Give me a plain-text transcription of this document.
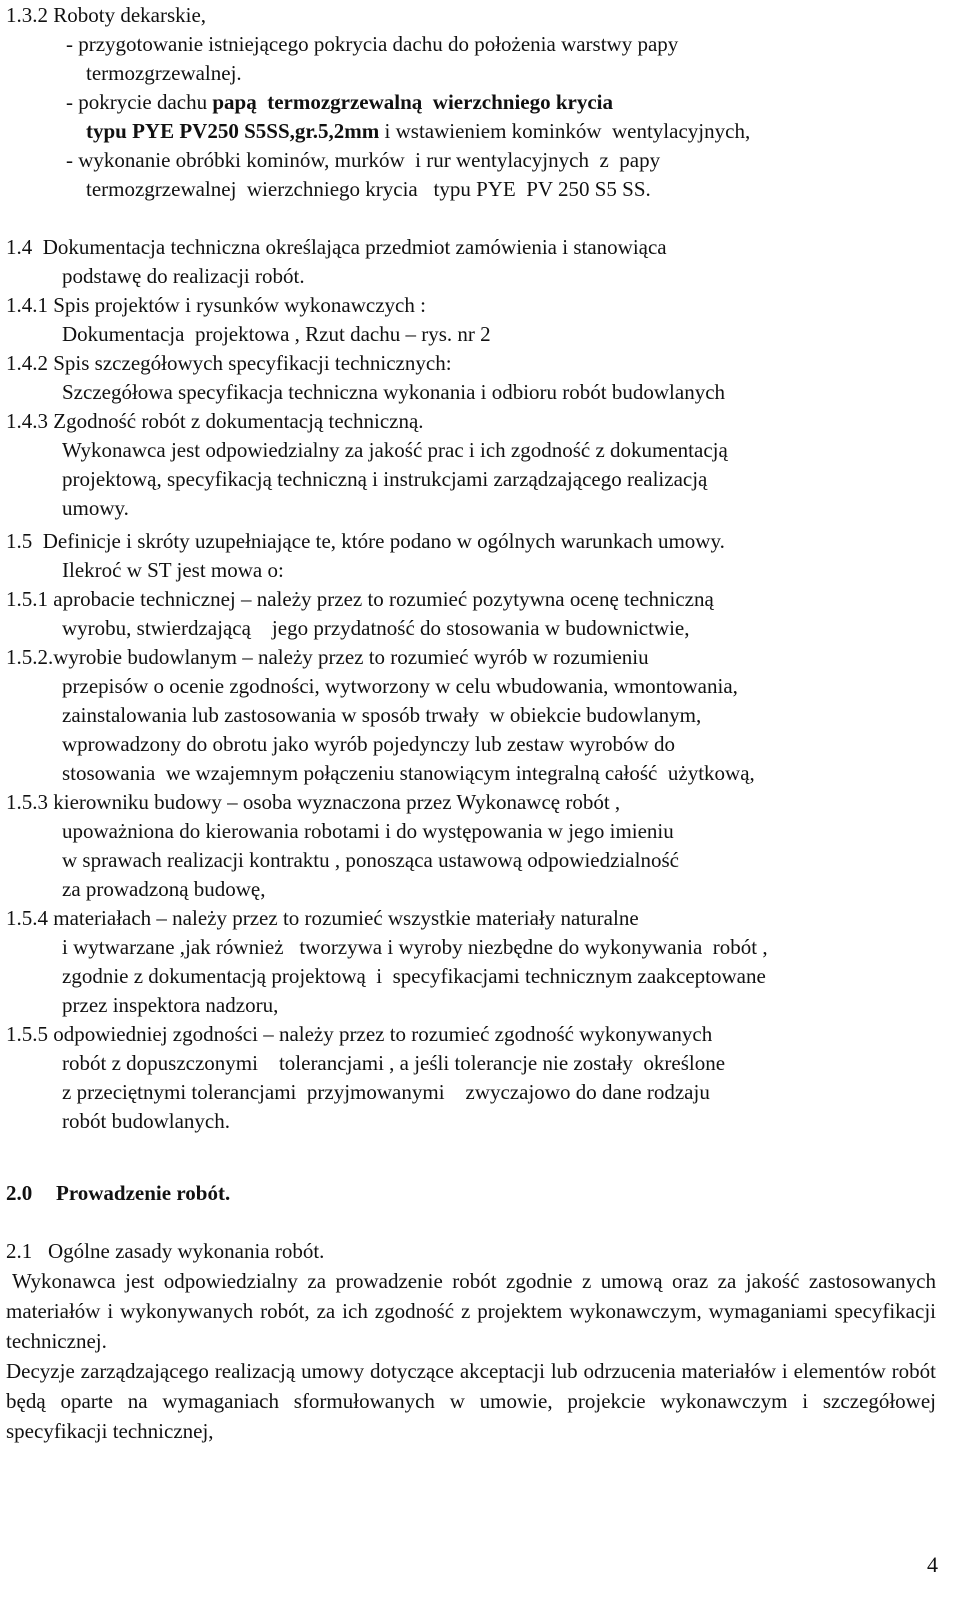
1.3.2 Roboty dekarskie,
- przygotowanie istniejącego pokrycia dachu do położenia warstwy papy
termozgrzewalnej.
- pokrycie dachu papą  termozgrzewalną  wierzchniego krycia
typu PYE PV250 S5SS,gr.5,2mm i wstawieniem kominków  wentylacyjnych,
- wykonanie obróbki kominów, murków  i rur wentylacyjnych  z  papy
termozgrzewalnej  wierzchniego krycia   typu PYE  PV 250 S5 SS.
1.4  Dokumentacja techniczna określająca przedmiot zamówienia i stanowiąca
podstawę do realizacji robót.
1.4.1 Spis projektów i rysunków wykonawczych :
Dokumentacja  projektowa , Rzut dachu – rys. nr 2
1.4.2 Spis szczegółowych specyfikacji technicznych:
Szczegółowa specyfikacja techniczna wykonania i odbioru robót budowlanych
1.4.3 Zgodność robót z dokumentacją techniczną.
Wykonawca jest odpowiedzialny za jakość prac i ich zgodność z dokumentacją
projektową, specyfikacją techniczną i instrukcjami zarządzającego realizacją
umowy.
1.5  Definicje i skróty uzupełniające te, które podano w ogólnych warunkach umowy.
Ilekroć w ST jest mowa o:
1.5.1 aprobacie technicznej – należy przez to rozumieć pozytywna ocenę techniczną
wyrobu, stwierdzającą    jego przydatność do stosowania w budownictwie,
1.5.2.wyrobie budowlanym – należy przez to rozumieć wyrób w rozumieniu
przepisów o ocenie zgodności, wytworzony w celu wbudowania, wmontowania,
zainstalowania lub zastosowania w sposób trwały  w obiekcie budowlanym,
wprowadzony do obrotu jako wyrób pojedynczy lub zestaw wyrobów do
stosowania  we wzajemnym połączeniu stanowiącym integralną całość  użytkową,
1.5.3 kierowniku budowy – osoba wyznaczona przez Wykonawcę robót ,
upoważniona do kierowania robotami i do występowania w jego imieniu
w sprawach realizacji kontraktu , ponosząca ustawową odpowiedzialność
za prowadzoną budowę,
1.5.4 materiałach – należy przez to rozumieć wszystkie materiały naturalne
i wytwarzane ,jak również   tworzywa i wyroby niezbędne do wykonywania  robót ,
zgodnie z dokumentacją projektową  i  specyfikacjami technicznym zaakceptowane
przez inspektora nadzoru,
1.5.5 odpowiedniej zgodności – należy przez to rozumieć zgodność wykonywanych
robót z dopuszczonymi    tolerancjami , a jeśli tolerancje nie zostały  określone
z przeciętnymi tolerancjami  przyjmowanymi    zwyczajowo do dane rodzaju
robót budowlanych.
2.0 Prowadzenie robót.
2.1   Ogólne zasady wykonania robót.
Wykonawca jest odpowiedzialny za prowadzenie robót zgodnie z umową oraz za jakość zastosowanych materiałów i wykonywanych robót, za ich zgodność z projektem wykonawczym, wymaganiami specyfikacji technicznej.
Decyzje zarządzającego realizacją umowy dotyczące akceptacji lub odrzucenia materiałów i elementów robót będą oparte na wymaganiach sformułowanych w umowie, projekcie wykonawczym i szczegółowej specyfikacji technicznej,
4
